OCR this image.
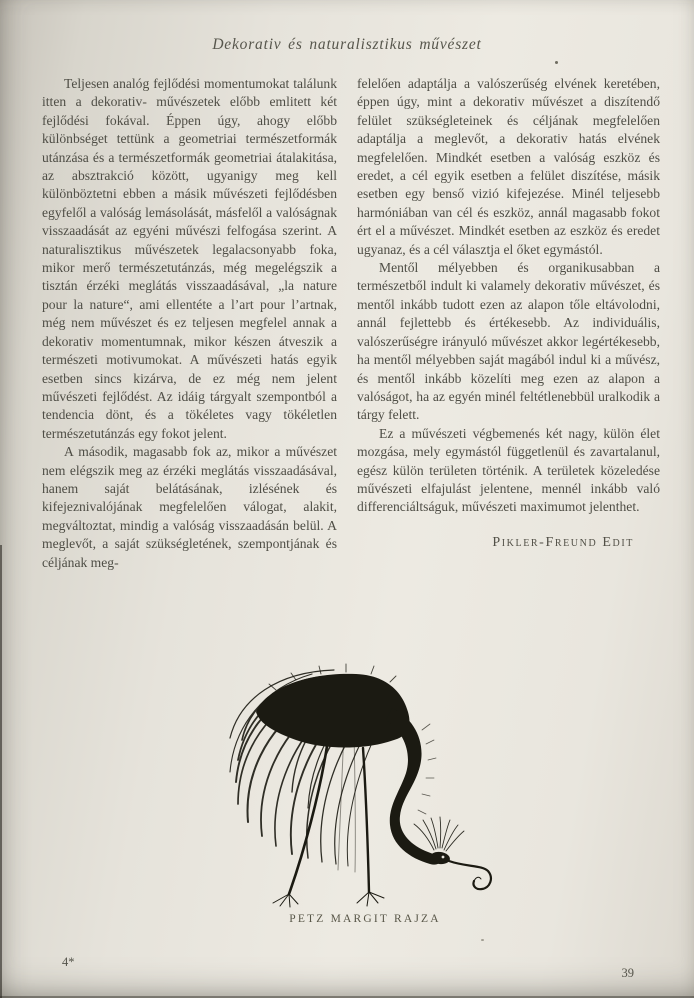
Dekorativ és naturalisztikus művészet

Teljesen analóg fejlődési momentumokat találunk itten a dekorativ- művészetek előbb emlitett két fejlődési fokával. Éppen úgy, ahogy előbb különbséget tettünk a geometriai természetformák utánzása és a természetformák geometriai átalakitása, az absztrakció között, ugyanigy meg kell különböztetni ebben a másik művészeti fejlődésben egyfelől a valóság lemásolását, másfelől a valóságnak visszaadását az egyéni művészi felfogása szerint. A naturalisztikus művészetek legalacsonyabb foka, mikor merő természetutánzás, még megelégszik a tisztán érzéki meglátás visszaadásával, „la nature pour la nature“, ami ellentéte a l’art pour l’artnak, még nem művészet és ez teljesen megfelel annak a dekorativ momentumnak, mikor készen átveszik a természeti motivumokat. A művészeti hatás egyik esetben sincs kizárva, de ez még nem jelent művészeti fejlődést. Az idáig tárgyalt szempontból a tendencia dönt, és a tökéletes vagy tökéletlen természetutánzás egy fokot jelent.

A második, magasabb fok az, mikor a művészet nem elégszik meg az érzéki meglátás visszaadásával, hanem saját belátásának, izlésének és kifejeznivalójának megfelelően válogat, alakit, megváltoztat, mindig a valóság visszaadásán belül. A meglevőt, a saját szükségletének, szempontjának és céljának meg-

felelően adaptálja a valószerűség elvének keretében, éppen úgy, mint a dekorativ művészet a diszítendő felület szükségleteinek és céljának megfelelően adaptálja a meglevőt, a dekorativ hatás elvének megfelelően. Mindkét esetben a valóság eszköz és eredet, a cél egyik esetben a felület diszítése, másik esetben egy benső vizió kifejezése. Minél teljesebb harmóniában van cél és eszköz, annál magasabb fokot ért el a művészet. Mindkét esetben az eszköz és eredet ugyanaz, és a cél választja el őket egymástól.

Mentől mélyebben és organikusabban a természetből indult ki valamely dekorativ művészet, és mentől inkább tudott ezen az alapon tőle eltávolodni, annál fejlettebb és értékesebb. Az individuális, valószerűségre irányuló művészet akkor legértékesebb, ha mentől mélyebben saját magából indul ki a művész, és mentől inkább közelíti meg ezen az alapon a valóságot, ha az egyén minél feltétlenebbül uralkodik a tárgy felett.

Ez a művészeti végbemenés két nagy, külön élet mozgása, mely egymástól függetlenül és zavartalanul, egész külön területen történik. A területek közeledése művészeti elfajulást jelentene, mennél inkább való differenciáltságuk, művészeti maximumot jelenthet.

Pikler-Freund Edit
PETZ MARGIT RAJZA
4*
39
